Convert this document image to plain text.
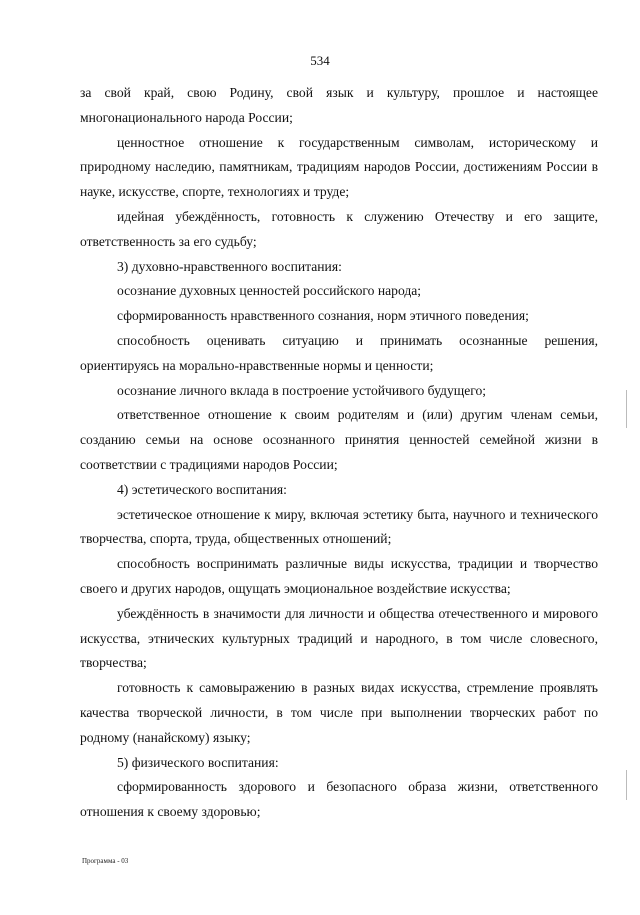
534

за свой край, свою Родину, свой язык и культуру, прошлое и настоящее многонационального народа России;

ценностное отношение к государственным символам, историческому и природному наследию, памятникам, традициям народов России, достижениям России в науке, искусстве, спорте, технологиях и труде;

идейная убеждённость, готовность к служению Отечеству и его защите, ответственность за его судьбу;

3) духовно-нравственного воспитания:

осознание духовных ценностей российского народа;

сформированность нравственного сознания, норм этичного поведения;

способность оценивать ситуацию и принимать осознанные решения, ориентируясь на морально-нравственные нормы и ценности;

осознание личного вклада в построение устойчивого будущего;

ответственное отношение к своим родителям и (или) другим членам семьи, созданию семьи на основе осознанного принятия ценностей семейной жизни в соответствии с традициями народов России;

4) эстетического воспитания:

эстетическое отношение к миру, включая эстетику быта, научного и технического творчества, спорта, труда, общественных отношений;

способность воспринимать различные виды искусства, традиции и творчество своего и других народов, ощущать эмоциональное воздействие искусства;

убеждённость в значимости для личности и общества отечественного и мирового искусства, этнических культурных традиций и народного, в том числе словесного, творчества;

готовность к самовыражению в разных видах искусства, стремление проявлять качества творческой личности, в том числе при выполнении творческих работ по родному (нанайскому) языку;

5) физического воспитания:

сформированность здорового и безопасного образа жизни, ответственного отношения к своему здоровью;

Программа - 03
